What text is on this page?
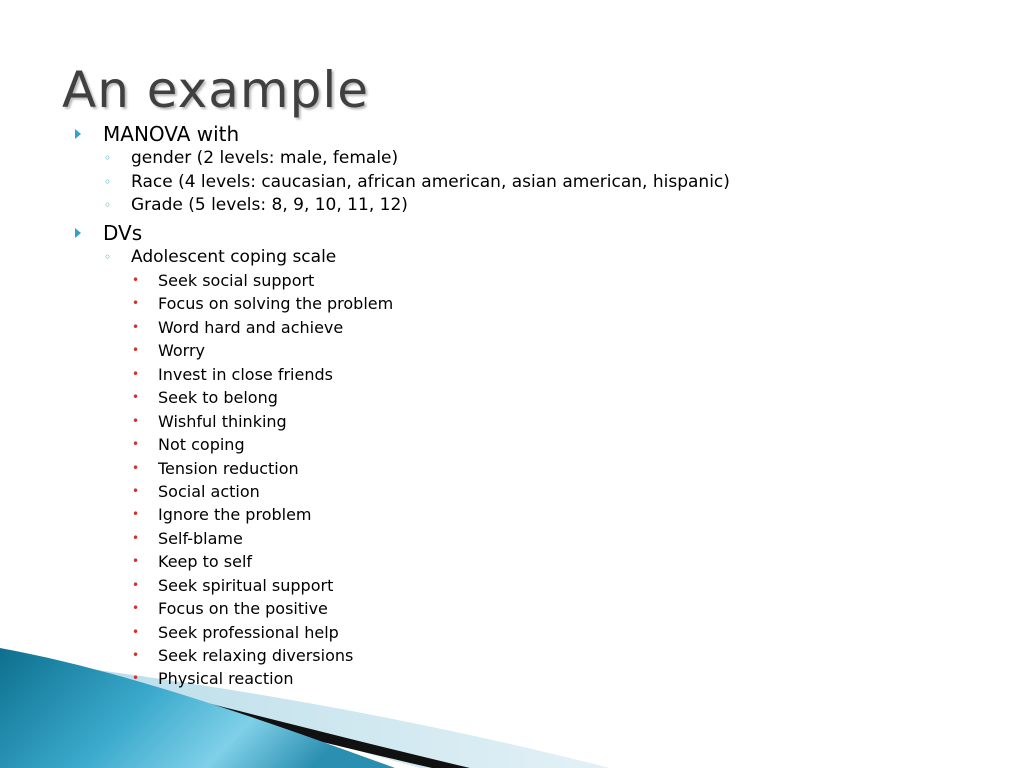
An example
MANOVA with
◦ gender (2 levels: male, female)
◦ Race (4 levels: caucasian, african american, asian american, hispanic)
◦ Grade (5 levels: 8, 9, 10, 11, 12)
DVs
◦ Adolescent coping scale
• Seek social support
• Focus on solving the problem
• Word hard and achieve
• Worry
• Invest in close friends
• Seek to belong
• Wishful thinking
• Not coping
• Tension reduction
• Social action
• Ignore the problem
• Self-blame
• Keep to self
• Seek spiritual support
• Focus on the positive
• Seek professional help
• Seek relaxing diversions
• Physical reaction
